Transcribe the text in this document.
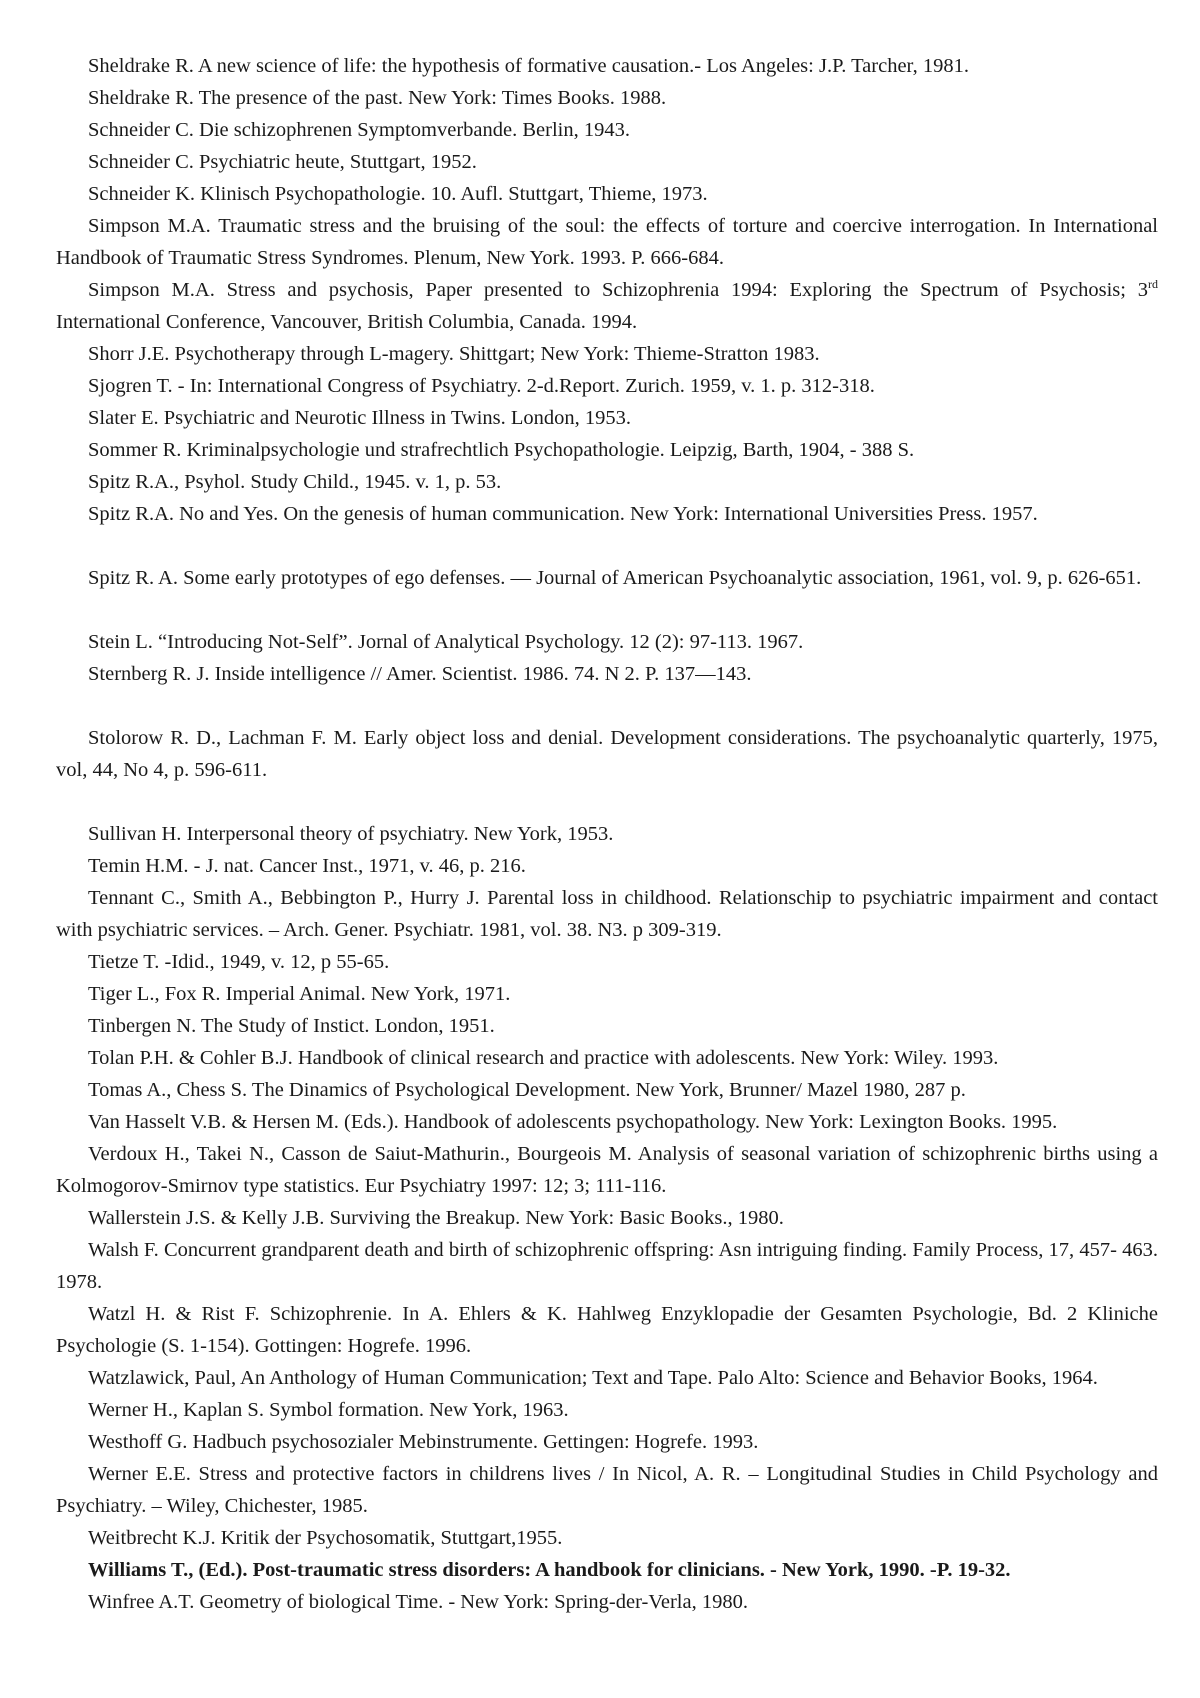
Sheldrake R. A new science of life: the hypothesis of formative causation.- Los Angeles: J.P. Tarcher, 1981.

Sheldrake R. The presence of the past. New York: Times Books. 1988.

Schneider C. Die schizophrenen Symptomverbande. Berlin, 1943.

Schneider C. Psychiatric heute, Stuttgart, 1952.

Schneider K. Klinisch Psychopathologie. 10. Aufl. Stuttgart, Thieme, 1973.

Simpson M.A. Traumatic stress and the bruising of the soul: the effects of torture and coercive interrogation. In International Handbook of Traumatic Stress Syndromes. Plenum, New York. 1993. P. 666-684.

Simpson M.A. Stress and psychosis, Paper presented to Schizophrenia 1994: Exploring the Spectrum of Psychosis; 3rd International Conference, Vancouver, British Columbia, Canada. 1994.

Shorr J.E. Psychotherapy through L-magery. Shittgart; New York: Thieme-Stratton 1983.

Sjogren T. - In: International Congress of Psychiatry. 2-d.Report. Zurich. 1959, v. 1. p. 312-318.

Slater E. Psychiatric and Neurotic Illness in Twins. London, 1953.

Sommer R. Kriminalpsychologie und strafrechtlich Psychopathologie. Leipzig, Barth, 1904, - 388 S.

Spitz R.A., Psyhol. Study Child., 1945. v. 1, p. 53.

Spitz R.A. No and Yes. On the genesis of human communication. New York: International Universities Press. 1957.

Spitz R. A. Some early prototypes of ego defenses. — Journal of American Psychoanalytic association, 1961, vol. 9, p. 626-651.

Stein L. “Introducing Not-Self”. Jornal of Analytical Psychology. 12 (2): 97-113. 1967.

Sternberg R. J. Inside intelligence // Amer. Scientist. 1986. 74. N 2. P. 137—143.

Stolorow R. D., Lachman F. M. Early object loss and denial. Development considerations. The psychoanalytic quarterly, 1975, vol, 44, No 4, p. 596-611.

Sullivan H. Interpersonal theory of psychiatry. New York, 1953.

Temin H.M. - J. nat. Cancer Inst., 1971, v. 46, p. 216.

Tennant C., Smith A., Bebbington P., Hurry J. Parental loss in childhood. Relationschip to psychiatric impairment and contact with psychiatric services. – Arch. Gener. Psychiatr. 1981, vol. 38. N3. p 309-319.

Tietze T. -Idid., 1949, v. 12, p 55-65.

Tiger L., Fox R. Imperial Animal. New York, 1971.

Tinbergen N. The Study of Instict. London, 1951.

Tolan P.H. & Cohler B.J. Handbook of clinical research and practice with adolescents. New York: Wiley. 1993.

Tomas A., Chess S. The Dinamics of Psychological Development. New York, Brunner/ Mazel 1980, 287 p.

Van Hasselt V.B. & Hersen M. (Eds.). Handbook of adolescents psychopathology. New York: Lexington Books. 1995.

Verdoux H., Takei N., Casson de Saiut-Mathurin., Bourgeois M. Analysis of seasonal variation of schizophrenic births using a Kolmogorov-Smirnov type statistics. Eur Psychiatry 1997: 12; 3; 111-116.

Wallerstein J.S. & Kelly J.B. Surviving the Breakup. New York: Basic Books., 1980.

Walsh F. Concurrent grandparent death and birth of schizophrenic offspring: Asn intriguing finding. Family Process, 17, 457- 463. 1978.

Watzl H. & Rist F. Schizophrenie. In A. Ehlers & K. Hahlweg Enzyklopadie der Gesamten Psychologie, Bd. 2 Kliniche Psychologie (S. 1-154). Gottingen: Hogrefe. 1996.

Watzlawick, Paul, An Anthology of Human Communication; Text and Tape. Palo Alto: Science and Behavior Books, 1964.

Werner H., Kaplan S. Symbol formation. New York, 1963.

Westhoff G. Hadbuch psychosozialer Mebinstrumente. Gettingen: Hogrefe. 1993.

Werner E.E. Stress and protective factors in childrens lives / In Nicol, A. R. – Longitudinal Studies in Child Psychology and Psychiatry. – Wiley, Chichester, 1985.

Weitbrecht K.J. Kritik der Psychosomatik, Stuttgart,1955.

Williams T., (Ed.). Post-traumatic stress disorders: A handbook for clinicians. - New York, 1990. -P. 19-32.

Winfree A.T. Geometry of biological Time. - New York: Spring-der-Verla, 1980.
